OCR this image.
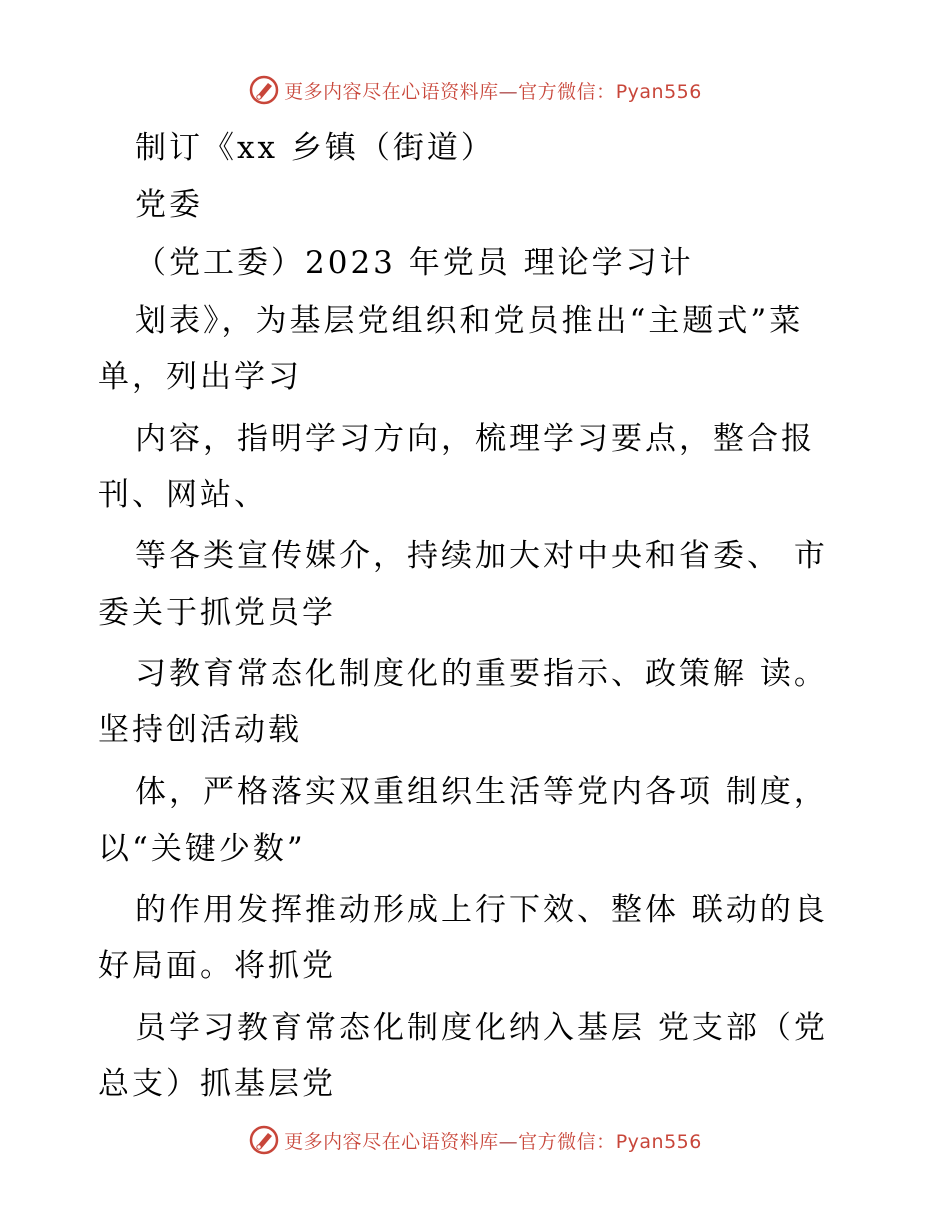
更多内容尽在心语资料库—官方微信：Pyan556
制订《xx 乡镇（街道）
党委
（党工委）2023 年党员 理论学习计
划表》，为基层党组织和党员推出“主题式”菜
单，列出学习
内容，指明学习方向，梳理学习要点，整合报
刊、网站、
等各类宣传媒介，持续加大对中央和省委、 市
委关于抓党员学
习教育常态化制度化的重要指示、政策解 读。
坚持创活动载
体，严格落实双重组织生活等党内各项 制度，
以“关键少数”
的作用发挥推动形成上行下效、整体 联动的良
好局面。将抓党
员学习教育常态化制度化纳入基层 党支部（党
总支）抓基层党
更多内容尽在心语资料库—官方微信：Pyan556
